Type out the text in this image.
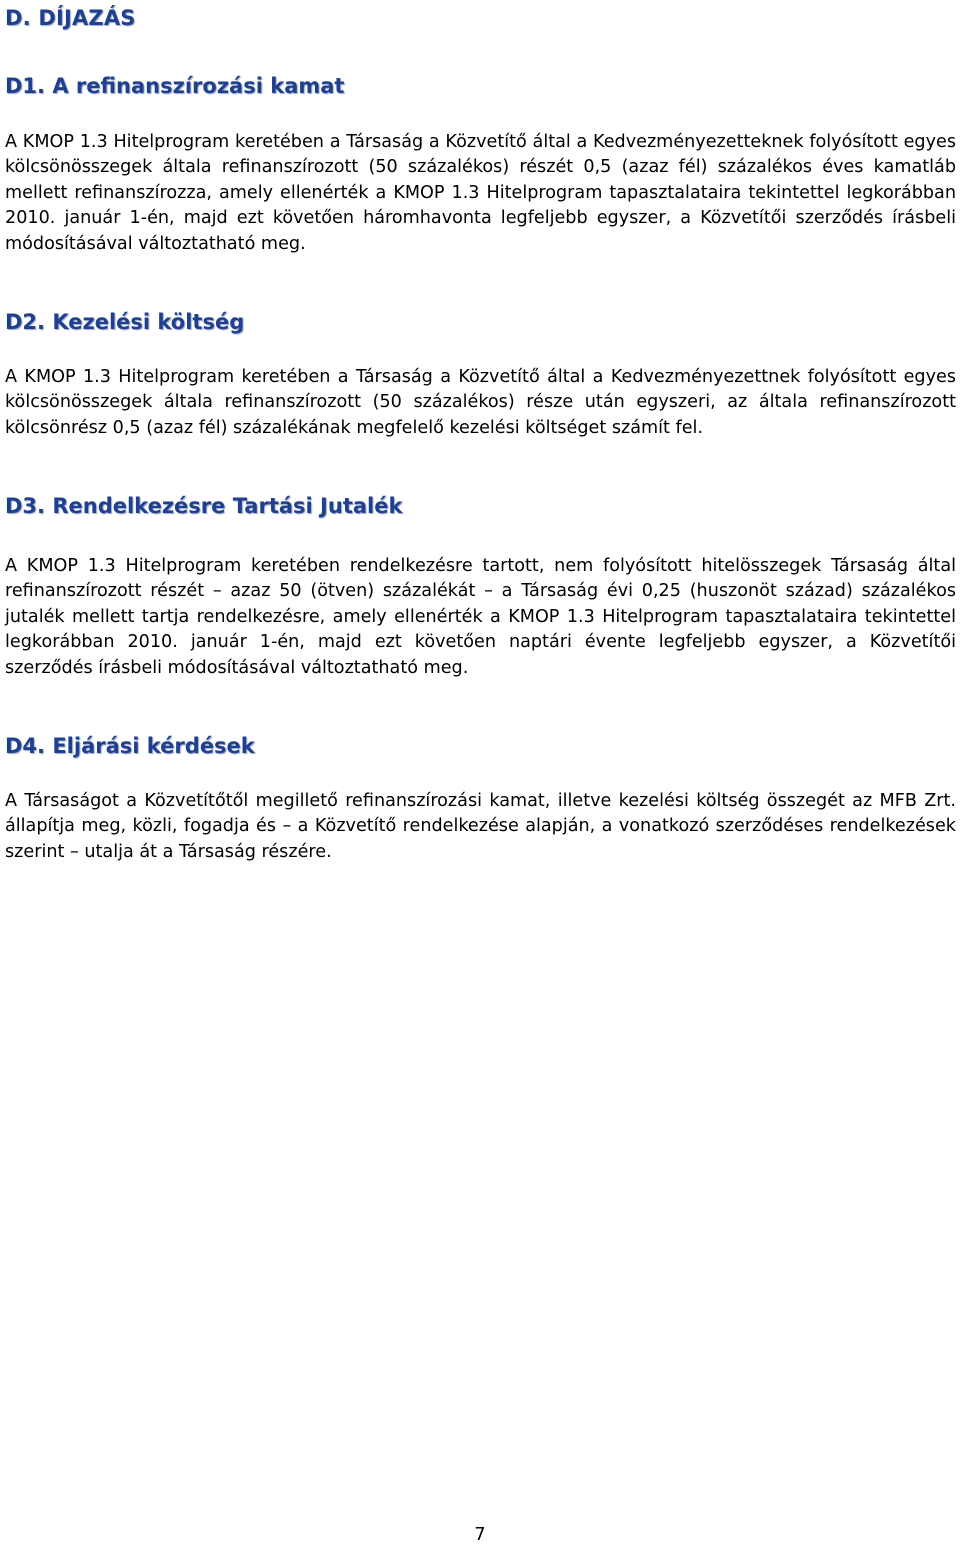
D. DÍJAZÁS
D1. A refinanszírozási kamat

A KMOP 1.3 Hitelprogram keretében a Társaság a Közvetítő által a Kedvezményezetteknek folyósított egyes kölcsönösszegek általa refinanszírozott (50 százalékos) részét 0,5 (azaz fél) százalékos éves kamatláb mellett refinanszírozza, amely ellenérték a KMOP 1.3 Hitelprogram tapasztalataira tekintettel legkorábban 2010. január 1-én, majd ezt követően háromhavonta legfeljebb egyszer, a Közvetítői szerződés írásbeli módosításával változtatható meg.

D2. Kezelési költség

A KMOP 1.3 Hitelprogram keretében a Társaság a Közvetítő által a Kedvezményezettnek folyósított egyes kölcsönösszegek általa refinanszírozott (50 százalékos) része után egyszeri, az általa refinanszírozott kölcsönrész 0,5 (azaz fél) százalékának megfelelő kezelési költséget számít fel.

D3. Rendelkezésre Tartási Jutalék

A KMOP 1.3 Hitelprogram keretében rendelkezésre tartott, nem folyósított hitelösszegek Társaság által refinanszírozott részét – azaz 50 (ötven) százalékát – a Társaság évi 0,25 (huszonöt század) százalékos jutalék mellett tartja rendelkezésre, amely ellenérték a KMOP 1.3 Hitelprogram tapasztalataira tekintettel legkorábban 2010. január 1-én, majd ezt követően naptári évente legfeljebb egyszer, a Közvetítői szerződés írásbeli módosításával változtatható meg.

D4. Eljárási kérdések

A Társaságot a Közvetítőtől megillető refinanszírozási kamat, illetve kezelési költség összegét az MFB Zrt. állapítja meg, közli, fogadja és – a Közvetítő rendelkezése alapján, a vonatkozó szerződéses rendelkezések szerint – utalja át a Társaság részére.

7
